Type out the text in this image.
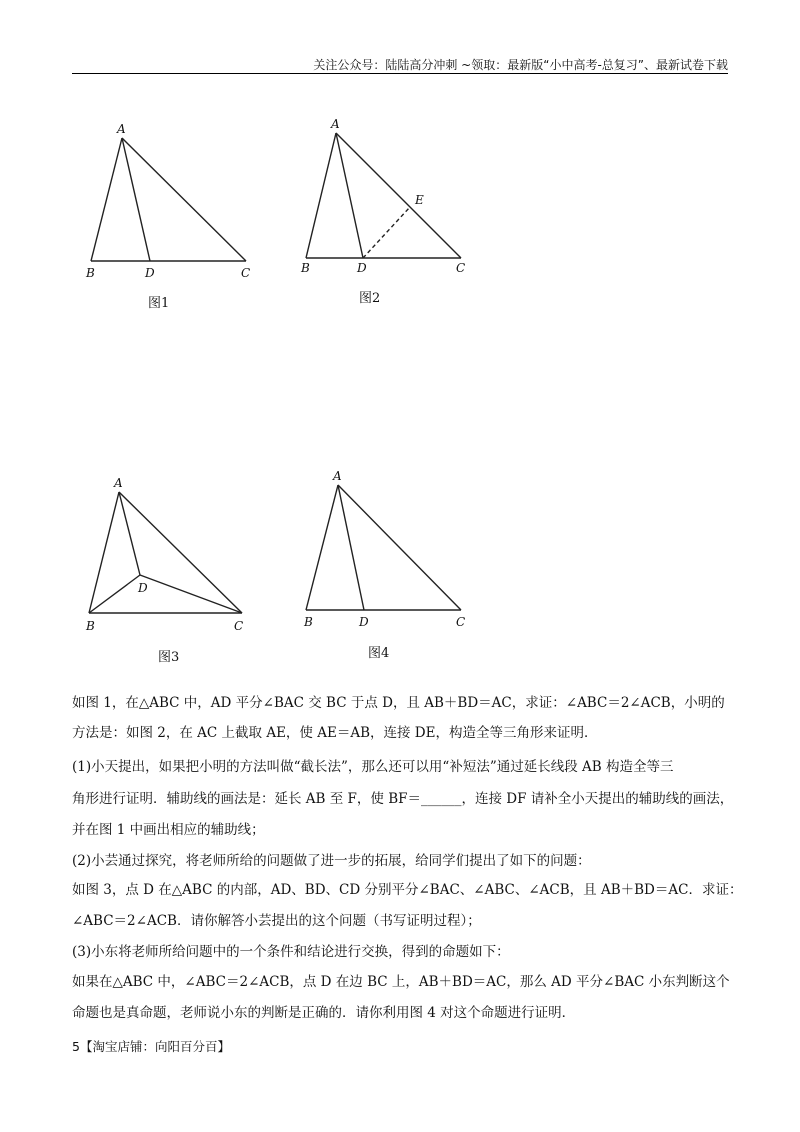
关注公众号：陆陆高分冲刺 ~领取：最新版“小中高考-总复习”、最新试卷下载
A
B	D	C
图1
A
E
B	D	C
图2
A
D
B	C
图3
A
B	D	C
图4
如图 1，在△ABC 中，AD 平分∠BAC 交 BC 于点 D，且 AB＋BD＝AC，求证：∠ABC＝2∠ACB，小明的
方法是：如图 2，在 AC 上截取 AE，使 AE＝AB，连接 DE，构造全等三角形来证明．
(1)小天提出，如果把小明的方法叫做“截长法”，那么还可以用“补短法”通过延长线段 AB 构造全等三
角形进行证明．辅助线的画法是：延长 AB 至 F，使 BF＝______，连接 DF 请补全小天提出的辅助线的画法，
并在图 1 中画出相应的辅助线；
(2)小芸通过探究，将老师所给的问题做了进一步的拓展，给同学们提出了如下的问题：
如图 3，点 D 在△ABC 的内部，AD、BD、CD 分别平分∠BAC、∠ABC、∠ACB，且 AB＋BD＝AC．求证：
∠ABC＝2∠ACB．请你解答小芸提出的这个问题（书写证明过程）；
(3)小东将老师所给问题中的一个条件和结论进行交换，得到的命题如下：
如果在△ABC 中，∠ABC＝2∠ACB，点 D 在边 BC 上，AB＋BD＝AC，那么 AD 平分∠BAC 小东判断这个
命题也是真命题，老师说小东的判断是正确的．请你利用图 4 对这个命题进行证明．
5【淘宝店铺：向阳百分百】
